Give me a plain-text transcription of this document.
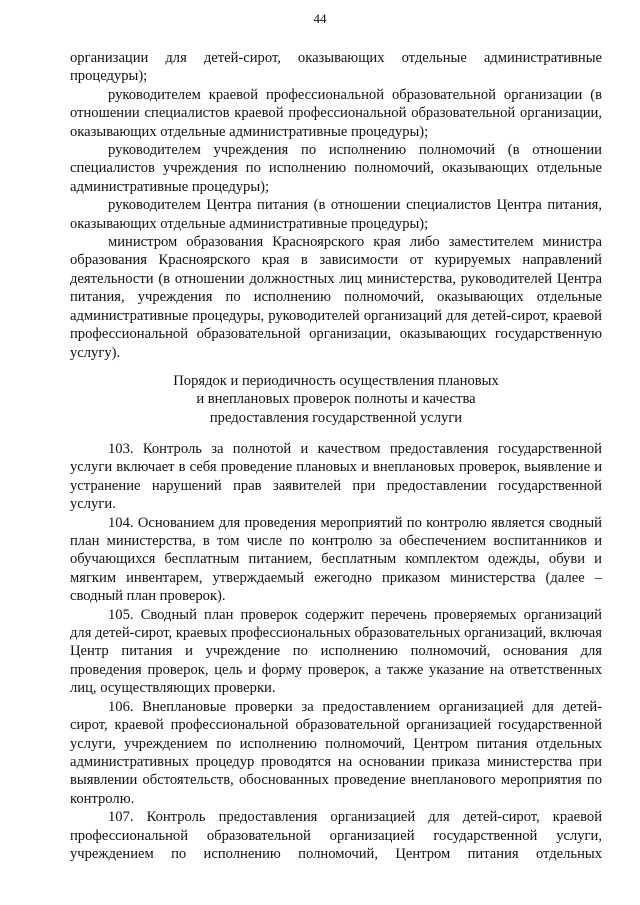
44

организации для детей-сирот, оказывающих отдельные административные процедуры);

руководителем краевой профессиональной образовательной организации (в отношении специалистов краевой профессиональной образовательной организации, оказывающих отдельные административные процедуры);

руководителем учреждения по исполнению полномочий (в отношении специалистов учреждения по исполнению полномочий, оказывающих отдельные административные процедуры);

руководителем Центра питания (в отношении специалистов Центра питания, оказывающих отдельные административные процедуры);

министром образования Красноярского края либо заместителем министра образования Красноярского края в зависимости от курируемых направлений деятельности (в отношении должностных лиц министерства, руководителей Центра питания, учреждения по исполнению полномочий, оказывающих отдельные административные процедуры, руководителей организаций для детей-сирот, краевой профессиональной образовательной организации, оказывающих государственную услугу).

Порядок и периодичность осуществления плановых

и внеплановых проверок полноты и качества

предоставления государственной услуги

103. Контроль за полнотой и качеством предоставления государственной услуги включает в себя проведение плановых и внеплановых проверок, выявление и устранение нарушений прав заявителей при предоставлении государственной услуги.

104. Основанием для проведения мероприятий по контролю является сводный план министерства, в том числе по контролю за обеспечением воспитанников и обучающихся бесплатным питанием, бесплатным комплектом одежды, обуви и мягким инвентарем, утверждаемый ежегодно приказом министерства (далее – сводный план проверок).

105. Сводный план проверок содержит перечень проверяемых организаций для детей-сирот, краевых профессиональных образовательных организаций, включая Центр питания и учреждение по исполнению полномочий, основания для проведения проверок, цель и форму проверок, а также указание на ответственных лиц, осуществляющих проверки.

106. Внеплановые проверки за предоставлением организацией для детей-сирот, краевой профессиональной образовательной организацией государственной услуги, учреждением по исполнению полномочий, Центром питания отдельных административных процедур проводятся на основании приказа министерства при выявлении обстоятельств, обоснованных проведение внепланового мероприятия по контролю.

107. Контроль предоставления организацией для детей-сирот, краевой профессиональной образовательной организацией государственной услуги, учреждением по исполнению полномочий, Центром питания отдельных
